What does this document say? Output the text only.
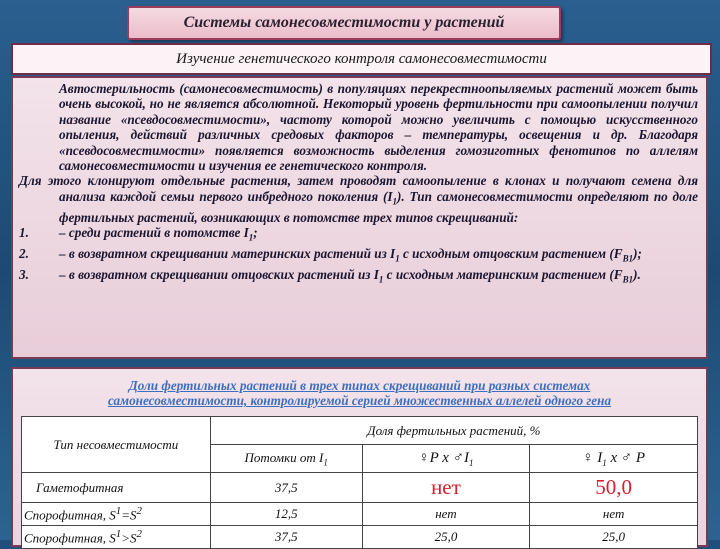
Системы самонесовместимости у растений
Изучение генетического контроля самонесовместимости

Автостерильность (самонесовместимость) в популяциях перекрестноопыляемых растений может быть очень высокой, но не является абсолютной. Некоторый уровень фертильности при самоопылении получил название «псевдосовместимости», частоту которой можно увеличить с помощью искусственного опыления, действий различных средовых факторов – температуры, освещения и др. Благодаря «псевдосовместимости» появляется возможность выделения гомозиготных фенотипов по аллелям самонесовместимости и изучения ее генетического контроля.

Для этого клонируют отдельные растения, затем проводят самоопыление в клонах и получают семена для анализа каждой семьи первого инбредного поколения $(I_1)$. Тип самонесовместимости определяют по доле фертильных растений, возникающих в потомстве трех типов скрещиваний:

1.	– среди растений в потомстве $I_1$;
2.	– в возвратном скрещивании материнских растений из $I_1$ с исходным отцовским растением $(F_{B1})$;
3.	– в возвратном скрещивании отцовских растений из $I_1$ с исходным материнским растением $(F_{B1})$.
Доли фертильных растений в трех типах скрещиваний при разных системах
самонесовместимости, контролируемой серией множественных аллелей одного гена
Тип несовместимости	Доля фертильных растений, %		
	Потомки от $I_1$	♀P x $♂I_1$	♀ $I_1$ x ♂ P
Гаметофитная	37,5	нет	50,0
Спорофитная, $S^1=S^2$	12,5	нет	нет
Спорофитная, $S^1>S^2$	37,5	25,0	25,0
